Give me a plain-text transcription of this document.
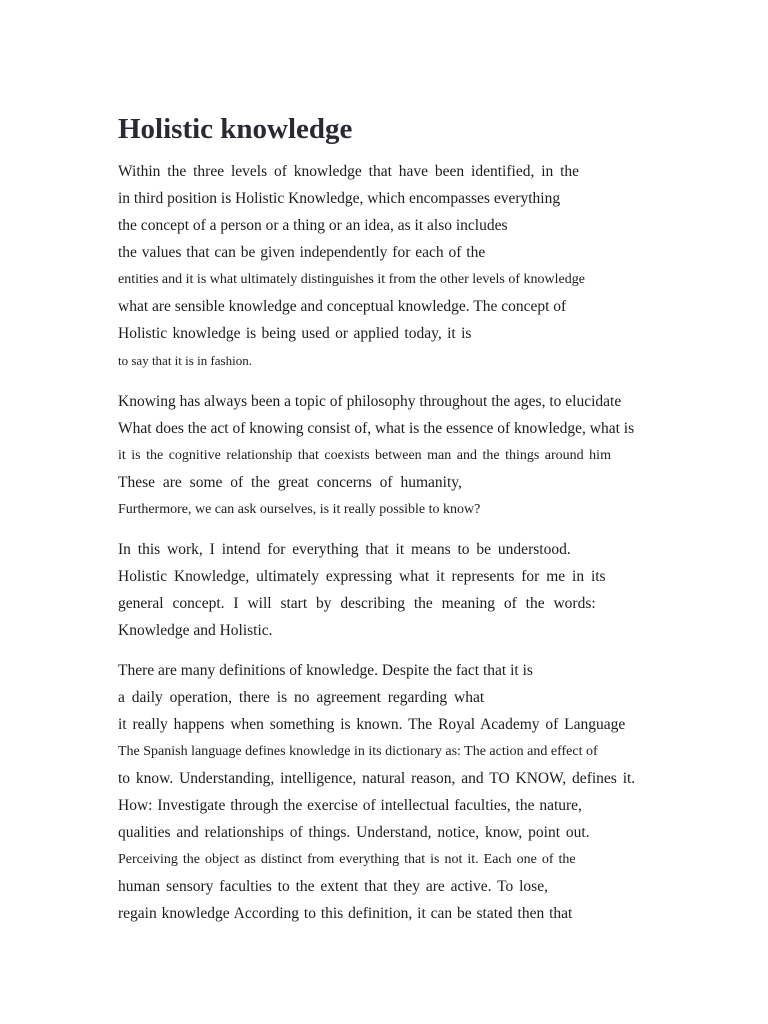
Holistic knowledge
Within the three levels of knowledge that have been identified, in the
in third position is Holistic Knowledge, which encompasses everything
the concept of a person or a thing or an idea, as it also includes
the values that can be given independently for each of the
entities and it is what ultimately distinguishes it from the other levels of knowledge
what are sensible knowledge and conceptual knowledge. The concept of
Holistic knowledge is being used or applied today, it is
to say that it is in fashion.
Knowing has always been a topic of philosophy throughout the ages, to elucidate
What does the act of knowing consist of, what is the essence of knowledge, what is
it is the cognitive relationship that coexists between man and the things around him
These are some of the great concerns of humanity,
Furthermore, we can ask ourselves, is it really possible to know?
In this work, I intend for everything that it means to be understood.
Holistic Knowledge, ultimately expressing what it represents for me in its
general concept. I will start by describing the meaning of the words:
Knowledge and Holistic.
There are many definitions of knowledge. Despite the fact that it is
a daily operation, there is no agreement regarding what
it really happens when something is known. The Royal Academy of Language
The Spanish language defines knowledge in its dictionary as: The action and effect of
to know. Understanding, intelligence, natural reason, and TO KNOW, defines it.
How: Investigate through the exercise of intellectual faculties, the nature,
qualities and relationships of things. Understand, notice, know, point out.
Perceiving the object as distinct from everything that is not it. Each one of the
human sensory faculties to the extent that they are active. To lose,
regain knowledge According to this definition, it can be stated then that
